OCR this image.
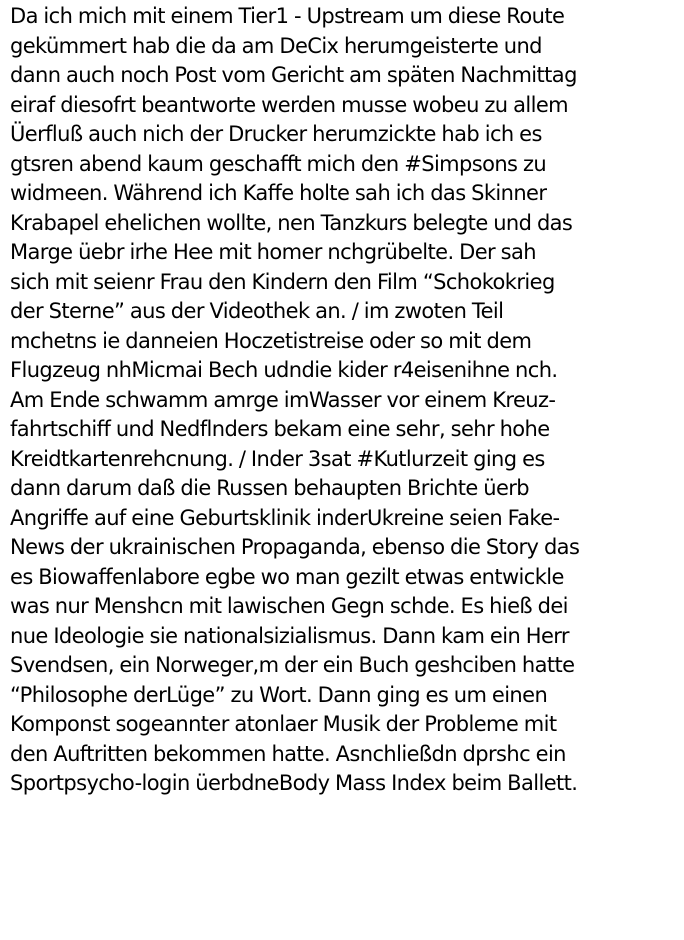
Da ich mich mit einem Tier1 - Upstream um diese Route
gekümmert hab die da am DeCix herumgeisterte und
dann auch noch Post vom Gericht am späten Nachmittag
eiraf diesofrt beantworte werden musse wobeu zu allem
Üerfluß auch nich der Drucker herumzickte hab ich es
gtsren abend kaum geschafft mich den #Simpsons zu
widmeen. Während ich Kaffe holte sah ich das Skinner
Krabapel ehelichen wollte, nen Tanzkurs belegte und das
Marge üebr irhe Hee mit homer nchgrübelte. Der sah
sich mit seienr Frau den Kindern den Film “Schokokrieg
der Sterne” aus der Videothek an. / im zwoten Teil
mchetns ie danneien Hoczetistreise oder so mit dem
Flugzeug nhMicmai Bech udndie kider r4eisenihne nch.
Am Ende schwamm amrge imWasser vor einem Kreuz-
fahrtschiff und Nedflnders bekam eine sehr, sehr hohe
Kreidtkartenrehcnung. / Inder 3sat #Kutlurzeit ging es
dann darum daß die Russen behaupten Brichte üerb
Angriffe auf eine Geburtsklinik inderUkreine seien Fake-
News der ukrainischen Propaganda, ebenso die Story das
es Biowaffenlabore egbe wo man gezilt etwas entwickle
was nur Menshcn mit lawischen Gegn schde. Es hieß dei
nue Ideologie sie nationalsizialismus. Dann kam ein Herr
Svendsen, ein Norweger,m der ein Buch geshciben hatte
“Philosophe derLüge” zu Wort. Dann ging es um einen
Komponst sogeannter atonlaer Musik der Probleme mit
den Auftritten bekommen hatte. Asnchließdn dprshc ein
Sportpsycho-login üerbdneBody Mass Index beim Ballett.
